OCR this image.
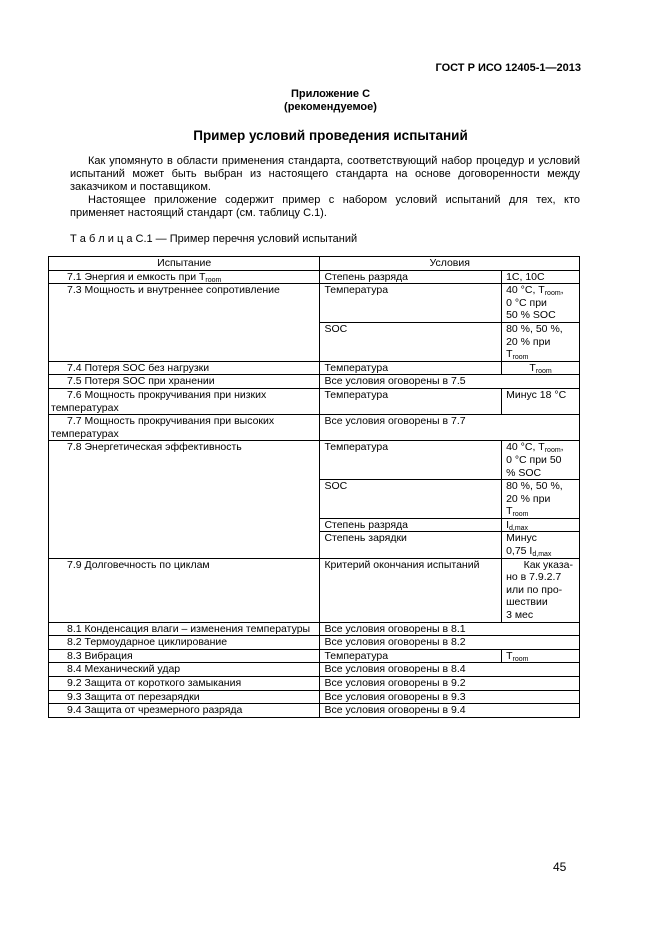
ГОСТ Р ИСО 12405-1—2013
Приложение С
(рекомендуемое)
Пример условий проведения испытаний

Как упомянуто в области применения стандарта, соответствующий набор процедур и условий испытаний может быть выбран из настоящего стандарта на основе договоренности между заказчиком и поставщиком.

Настоящее приложение содержит пример с набором условий испытаний для тех, кто применяет настоящий стандарт (см. таблицу С.1).

Т а б л и ц а С.1 — Пример перечня условий испытаний
Испытание	Условия	
7.1 Энергия и емкость при $T_{room}$	Степень разряда	1С, 10С
7.3 Мощность и внутреннее сопротивление	Температура	40 °С, $T_{room}$,
0 °С при
50 % SOC
	SOC	80 %, 50 %,
20 % при
$T_{room}$
7.4 Потеря SOC без нагрузки	Температура	$T_{room}$
7.5 Потеря SOC при хранении	Все условия оговорены в 7.5	
7.6 Мощность прокручивания при низких температурах	Температура	Минус 18 °С
7.7 Мощность прокручивания при высоких температурах	Все условия оговорены в 7.7	
7.8 Энергетическая эффективность	Температура	40 °С, $T_{room}$,
0 °С при 50
% SOC
	SOC	80 %, 50 %,
20 % при
$T_{room}$
	Степень разряда	$I_{d,max}$
	Степень зарядки	Минус
0,75 $I_{d,max}$
7.9 Долговечность по циклам	Критерий окончания испытаний	Как указа-
но в 7.9.2.7
или по про-
шествии
3 мес
8.1 Конденсация влаги – изменения температуры	Все условия оговорены в 8.1	
8.2 Термоударное циклирование	Все условия оговорены в 8.2	
8.3 Вибрация	Температура	$T_{room}$
8.4 Механический удар	Все условия оговорены в 8.4	
9.2 Защита от короткого замыкания	Все условия оговорены в 9.2	
9.3 Защита от перезарядки	Все условия оговорены в 9.3	
9.4 Защита от чрезмерного разряда	Все условия оговорены в 9.4	
45
